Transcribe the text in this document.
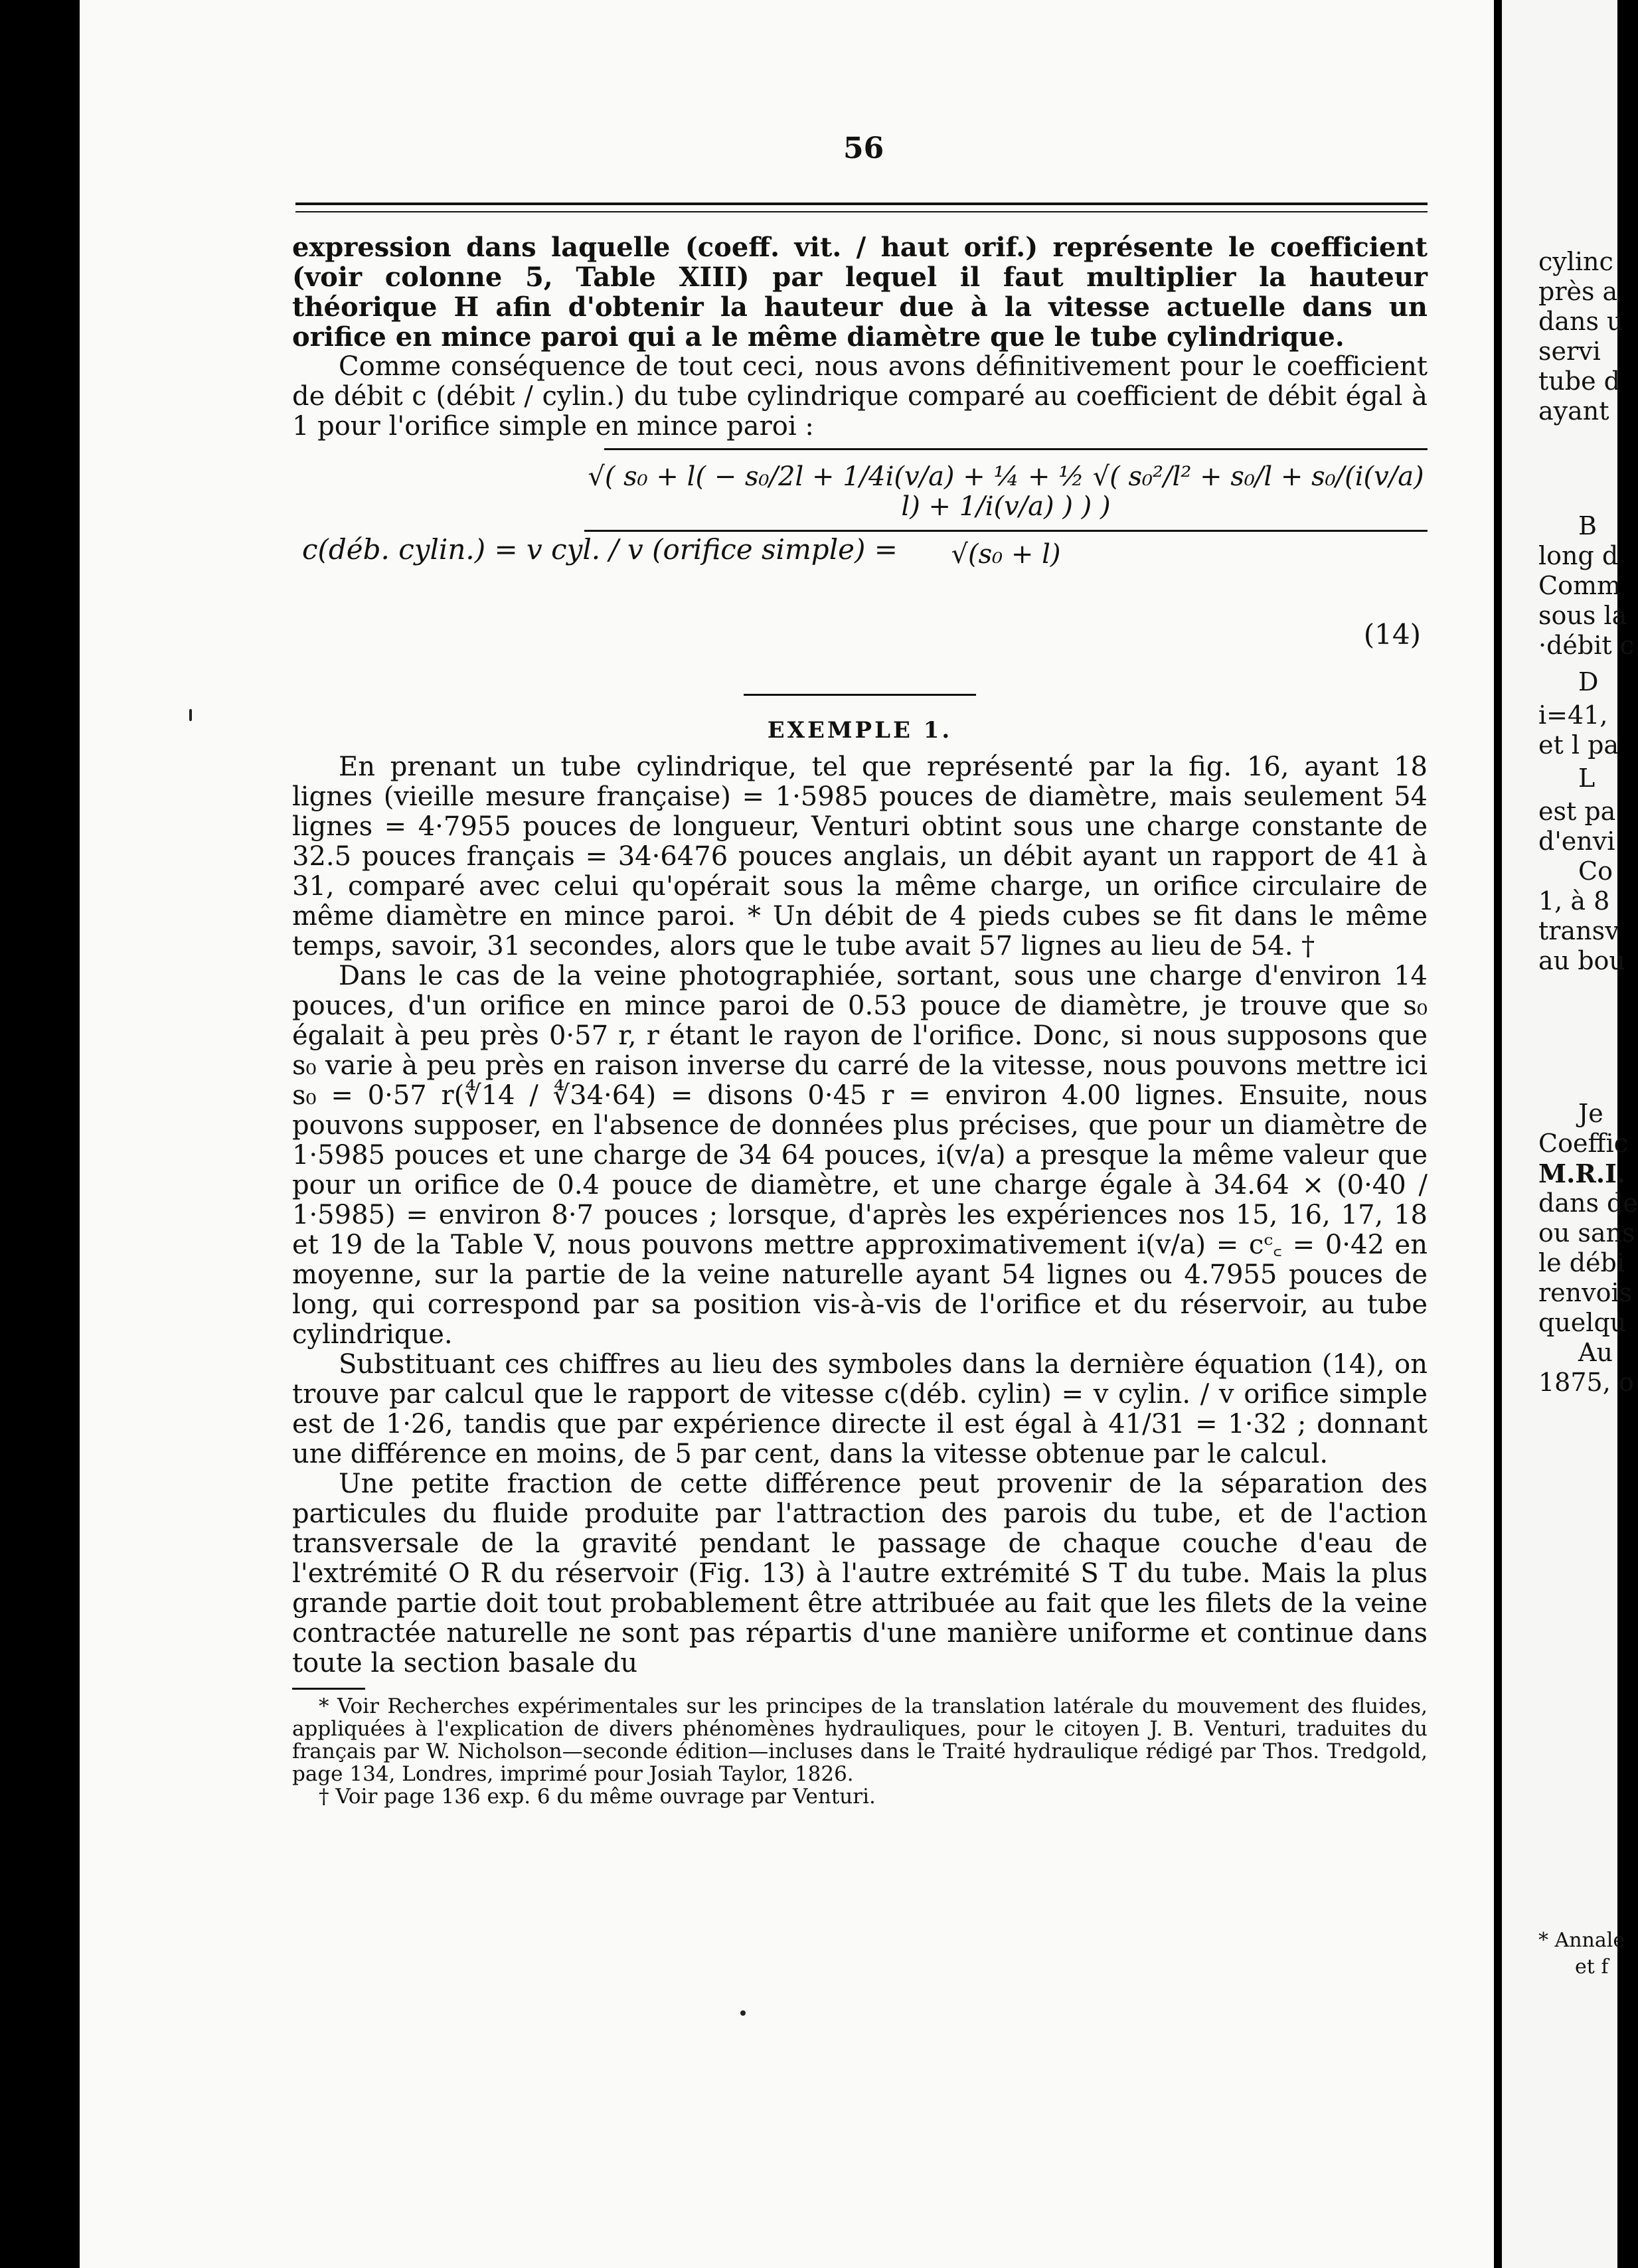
56

expression dans laquelle (coeff. vit. / haut orif.) représente le coefficient (voir colonne 5, Table XIII) par lequel il faut multiplier la hauteur théorique H afin d'obtenir la hauteur due à la vitesse actuelle dans un orifice en mince paroi qui a le même diamètre que le tube cylindrique.

Comme conséquence de tout ceci, nous avons définitivement pour le coefficient de débit c (débit / cylin.) du tube cylindrique comparé au coefficient de débit égal à 1 pour l'orifice simple en mince paroi :

c(déb. cylin.) = v cyl. / v (orifice simple) =
√( s₀ + l( − s₀/2l + 1/4i(v/a) + ¼ + ½ √( s₀²/l² + s₀/l + s₀/(i(v/a) l) + 1/i(v/a) ) ) )
√(s₀ + l)
(14)
EXEMPLE 1.

En prenant un tube cylindrique, tel que représenté par la fig. 16, ayant 18 lignes (vieille mesure française) = 1·5985 pouces de diamètre, mais seulement 54 lignes = 4·7955 pouces de longueur, Venturi obtint sous une charge constante de 32.5 pouces français = 34·6476 pouces anglais, un débit ayant un rapport de 41 à 31, comparé avec celui qu'opérait sous la même charge, un orifice circulaire de même diamètre en mince paroi. * Un débit de 4 pieds cubes se fit dans le même temps, savoir, 31 secondes, alors que le tube avait 57 lignes au lieu de 54. †

Dans le cas de la veine photographiée, sortant, sous une charge d'environ 14 pouces, d'un orifice en mince paroi de 0.53 pouce de diamètre, je trouve que s₀ égalait à peu près 0·57 r, r étant le rayon de l'orifice. Donc, si nous supposons que s₀ varie à peu près en raison inverse du carré de la vitesse, nous pouvons mettre ici s₀ = 0·57 r(∜14 / ∜34·64) = disons 0·45 r = environ 4.00 lignes. Ensuite, nous pouvons supposer, en l'absence de données plus précises, que pour un diamètre de 1·5985 pouces et une charge de 34 64 pouces, i(v/a) a presque la même valeur que pour un orifice de 0.4 pouce de diamètre, et une charge égale à 34.64 × (0·40 / 1·5985) = environ 8·7 pouces ; lorsque, d'après les expériences nos 15, 16, 17, 18 et 19 de la Table V, nous pouvons mettre approximativement i(v/a) = cᶜ꜀ = 0·42 en moyenne, sur la partie de la veine naturelle ayant 54 lignes ou 4.7955 pouces de long, qui correspond par sa position vis-à-vis de l'orifice et du réservoir, au tube cylindrique.

Substituant ces chiffres au lieu des symboles dans la dernière équation (14), on trouve par calcul que le rapport de vitesse c(déb. cylin) = v cylin. / v orifice simple est de 1·26, tandis que par expérience directe il est égal à 41/31 = 1·32 ; donnant une différence en moins, de 5 par cent, dans la vitesse obtenue par le calcul.

Une petite fraction de cette différence peut provenir de la séparation des particules du fluide produite par l'attraction des parois du tube, et de l'action transversale de la gravité pendant le passage de chaque couche d'eau de l'extrémité O R du réservoir (Fig. 13) à l'autre extrémité S T du tube. Mais la plus grande partie doit tout probablement être attribuée au fait que les filets de la veine contractée naturelle ne sont pas répartis d'une manière uniforme et continue dans toute la section basale du

* Voir Recherches expérimentales sur les principes de la translation latérale du mouvement des fluides, appliquées à l'explication de divers phénomènes hydrauliques, pour le citoyen J. B. Venturi, traduites du français par W. Nicholson—seconde édition—incluses dans le Traité hydraulique rédigé par Thos. Tredgold, page 134, Londres, imprimé pour Josiah Taylor, 1826.

† Voir page 136 exp. 6 du même ouvrage par Venturi.

cylinc
près a
dans u
servi
tube d
ayant
B
long d
Comm
sous la
·débit c
D
i=41,
et l pa
L
est pa
d'envi
Co
1, à 8
transv
au bou
Je
Coeffic
M.R.I.
dans de
ou sans
le débi
renvois
quelqu
Au
1875, o
* Annale
et f
